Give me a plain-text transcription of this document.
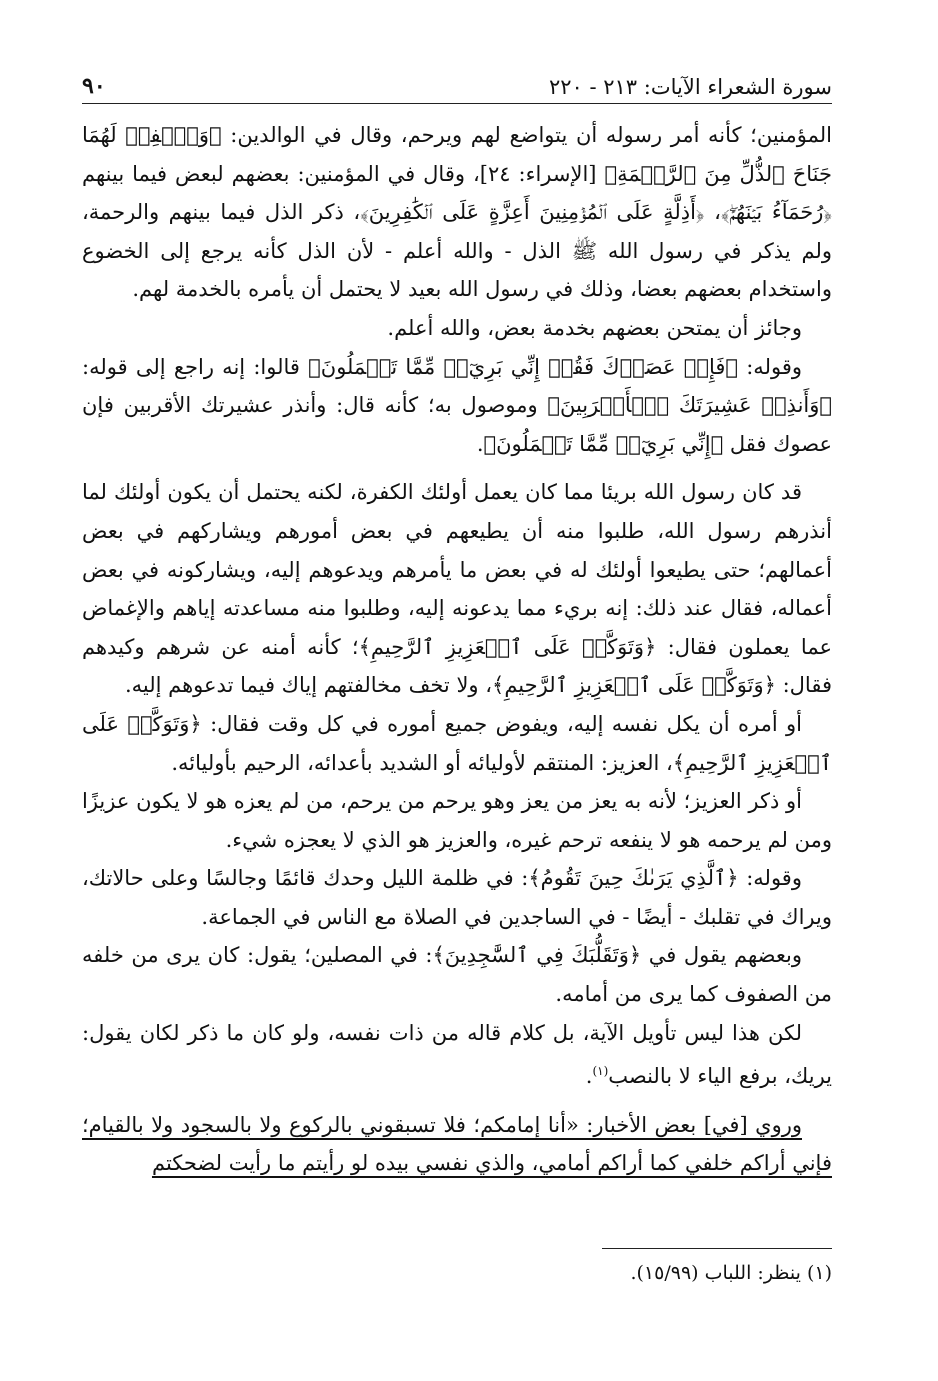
سورة الشعراء الآيات: ٢١٣ - ٢٢٠
٩٠

المؤمنين؛ كأنه أمر رسوله أن يتواضع لهم ويرحم، وقال في الوالدين: ﴿وَٱخۡفِضۡ لَهُمَا جَنَاحَ ٱلذُّلِّ مِنَ ٱلرَّحۡمَةِ﴾ [الإسراء: ٢٤]، وقال في المؤمنين: بعضهم لبعض فيما بينهم ﴿رُحَمَآءُ بَيۡنَهُمۡۖ﴾، ﴿أَذِلَّةٍ عَلَى ٱلۡمُؤۡمِنِينَ أَعِزَّةٍ عَلَى ٱلۡكَٰفِرِينَ﴾، ذكر الذل فيما بينهم والرحمة، ولم يذكر في رسول الله ﷺ الذل - والله أعلم - لأن الذل كأنه يرجع إلى الخضوع واستخدام بعضهم بعضا، وذلك في رسول الله بعيد لا يحتمل أن يأمره بالخدمة لهم.

وجائز أن يمتحن بعضهم بخدمة بعض، والله أعلم.

وقوله: ﴿فَإِنۡ عَصَوۡكَ فَقُلۡ إِنِّي بَرِيٓءٞ مِّمَّا تَعۡمَلُونَ﴾ قالوا: إنه راجع إلى قوله: ﴿وَأَنذِرۡ عَشِيرَتَكَ ٱلۡأَقۡرَبِينَ﴾ وموصول به؛ كأنه قال: وأنذر عشيرتك الأقربين فإن عصوك فقل ﴿إِنِّي بَرِيٓءٞ مِّمَّا تَعۡمَلُونَ﴾.

قد كان رسول الله بريئا مما كان يعمل أولئك الكفرة، لكنه يحتمل أن يكون أولئك لما أنذرهم رسول الله، طلبوا منه أن يطيعهم في بعض أمورهم ويشاركهم في بعض أعمالهم؛ حتى يطيعوا أولئك له في بعض ما يأمرهم ويدعوهم إليه، ويشاركونه في بعض أعماله، فقال عند ذلك: إنه بريء مما يدعونه إليه، وطلبوا منه مساعدته إياهم والإغماض عما يعملون فقال: ﴿وَتَوَكَّلۡ عَلَى ٱلۡعَزِيزِ ٱلرَّحِيمِ﴾؛ كأنه أمنه عن شرهم وكيدهم فقال: ﴿وَتَوَكَّلۡ عَلَى ٱلۡعَزِيزِ ٱلرَّحِيمِ﴾، ولا تخف مخالفتهم إياك فيما تدعوهم إليه.

أو أمره أن يكل نفسه إليه، ويفوض جميع أموره في كل وقت فقال: ﴿وَتَوَكَّلۡ عَلَى ٱلۡعَزِيزِ ٱلرَّحِيمِ﴾، العزيز: المنتقم لأوليائه أو الشديد بأعدائه، الرحيم بأوليائه.

أو ذكر العزيز؛ لأنه به يعز من يعز وهو يرحم من يرحم، من لم يعزه هو لا يكون عزيزًا ومن لم يرحمه هو لا ينفعه ترحم غيره، والعزيز هو الذي لا يعجزه شيء.

وقوله: ﴿ٱلَّذِي يَرَىٰكَ حِينَ تَقُومُ﴾: في ظلمة الليل وحدك قائمًا وجالسًا وعلى حالاتك، ويراك في تقلبك - أيضًا - في الساجدين في الصلاة مع الناس في الجماعة.

وبعضهم يقول في ﴿وَتَقَلُّبَكَ فِي ٱلسَّٰجِدِينَ﴾: في المصلين؛ يقول: كان يرى من خلفه من الصفوف كما يرى من أمامه.

لكن هذا ليس تأويل الآية، بل كلام قاله من ذات نفسه، ولو كان ما ذكر لكان يقول: يريك، برفع الياء لا بالنصب$^{(١)}$.

وروي [في] بعض الأخبار: «أنا إمامكم؛ فلا تسبقوني بالركوع ولا بالسجود ولا بالقيام؛ فإني أراكم خلفي كما أراكم أمامي، والذي نفسي بيده لو رأيتم ما رأيت لضحكتم

(١) ينظر: اللباب (١٥/٩٩).
